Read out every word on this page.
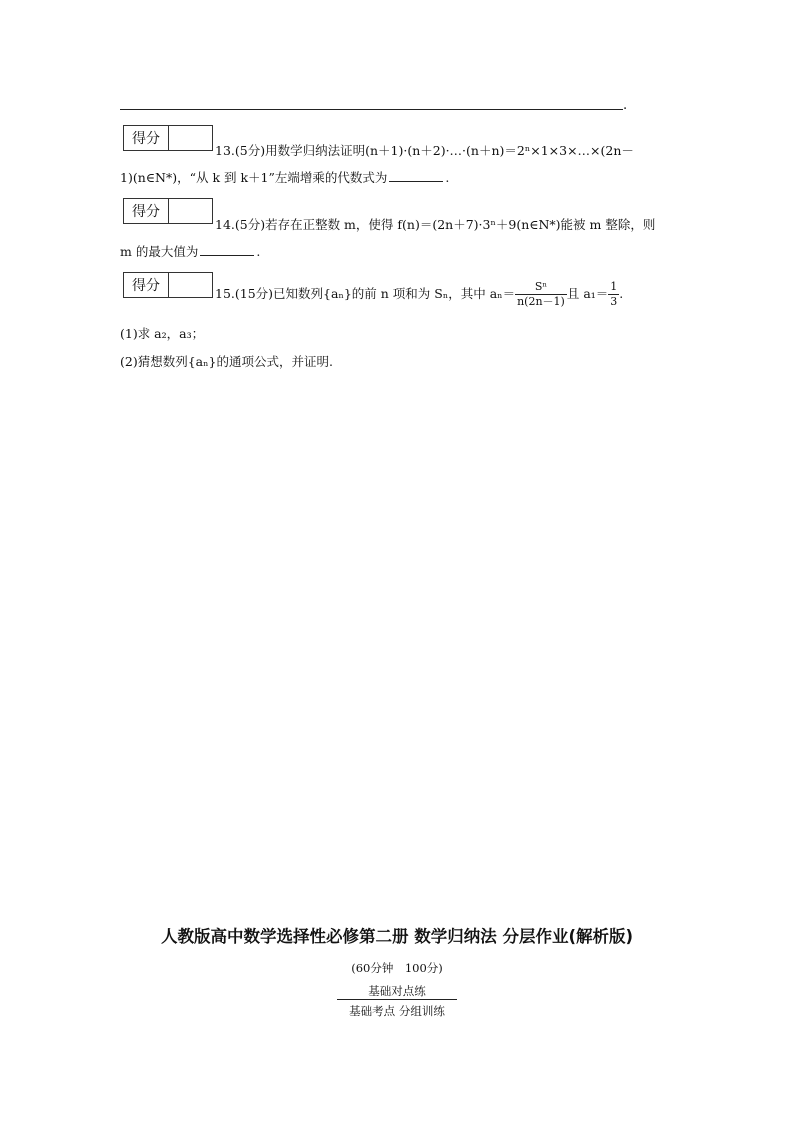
.
得分
13.(5分)用数学归纳法证明(n＋1)·(n＋2)·…·(n＋n)＝2ⁿ×1×3×…×(2n－
1)(n∈N*)，“从 k 到 k＋1”左端增乘的代数式为	.
得分
14.(5分)若存在正整数 m，使得 f(n)＝(2n＋7)·3ⁿ＋9(n∈N*)能被 m 整除，则
m 的最大值为	.
得分	15.(15分)已知数列{aₙ}的前 n 项和为 Sₙ，其中 $a_n= \frac{\text{Sⁿ}}{n(2n-1)}$ 且 $a_1= \frac{1}{3}$ .
(1)求 a₂，a₃；
(2)猜想数列{aₙ}的通项公式，并证明.
人教版高中数学选择性必修第二册 数学归纳法 分层作业(解析版)
(60分钟　100分)
基础对点练
基础考点 分组训练
